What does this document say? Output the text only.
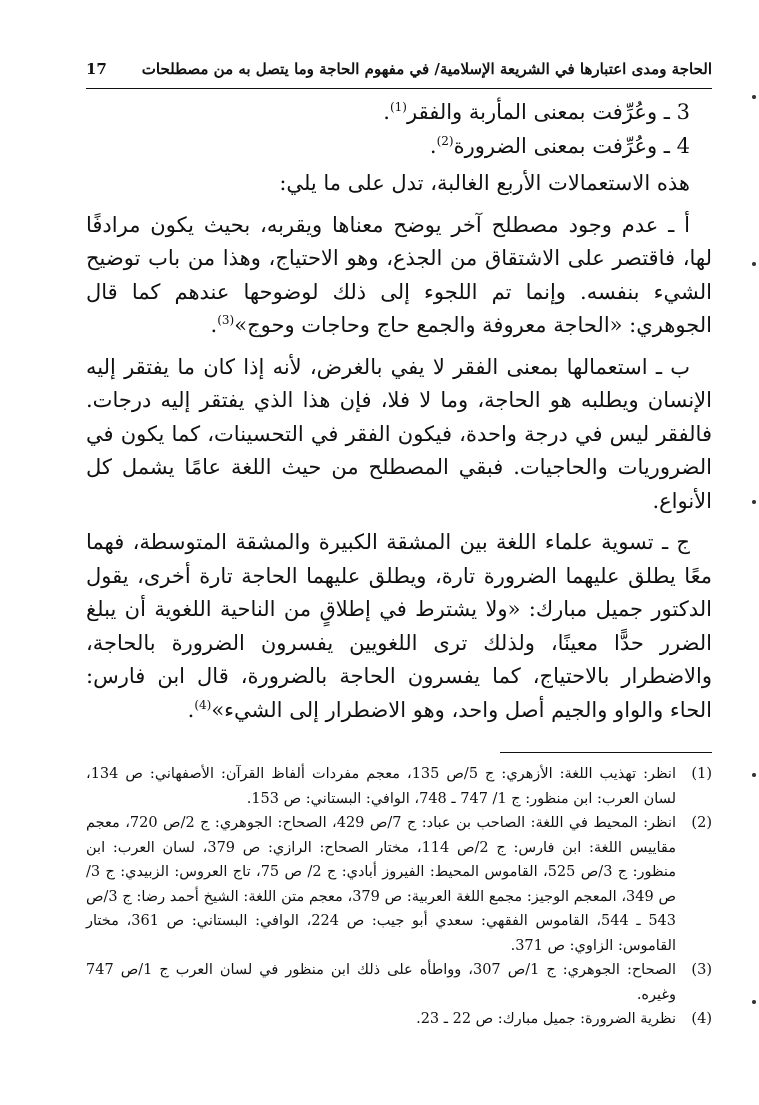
الحاجة ومدى اعتبارها في الشريعة الإسلامية/ في مفهوم الحاجة وما يتصل به من مصطلحات
17

3 ـ وعُرِّفت بمعنى المأربة والفقر$^{(1)}$.

4 ـ وعُرِّفت بمعنى الضرورة$^{(2)}$.

هذه الاستعمالات الأربع الغالبة، تدل على ما يلي:

أ ـ عدم وجود مصطلح آخر يوضح معناها ويقربه، بحيث يكون مرادفًا لها، فاقتصر على الاشتقاق من الجذع، وهو الاحتياج، وهذا من باب توضيح الشيء بنفسه. وإنما تم اللجوء إلى ذلك لوضوحها عندهم كما قال الجوهري: «الحاجة معروفة والجمع حاج وحاجات وحوج»$^{(3)}$.

ب ـ استعمالها بمعنى الفقر لا يفي بالغرض، لأنه إذا كان ما يفتقر إليه الإنسان ويطلبه هو الحاجة، وما لا فلا، فإن هذا الذي يفتقر إليه درجات. فالفقر ليس في درجة واحدة، فيكون الفقر في التحسينات، كما يكون في الضروريات والحاجيات. فبقي المصطلح من حيث اللغة عامًا يشمل كل الأنواع.

ج ـ تسوية علماء اللغة بين المشقة الكبيرة والمشقة المتوسطة، فهما معًا يطلق عليهما الضرورة تارة، ويطلق عليهما الحاجة تارة أخرى، يقول الدكتور جميل مبارك: «ولا يشترط في إطلاقٍ من الناحية اللغوية أن يبلغ الضرر حدًّا معينًا، ولذلك ترى اللغويين يفسرون الضرورة بالحاجة، والاضطرار بالاحتياج، كما يفسرون الحاجة بالضرورة، قال ابن فارس: الحاء والواو والجيم أصل واحد، وهو الاضطرار إلى الشيء»$^{(4)}$.

(1)
انظر: تهذيب اللغة: الأزهري: ج 5/ص 135، معجم مفردات ألفاظ القرآن: الأصفهاني: ص 134، لسان العرب: ابن منظور: ج 1/ 747 ـ 748، الوافي: البستاني: ص 153.

(2)
انظر: المحيط في اللغة: الصاحب بن عباد: ج 7/ص 429، الصحاح: الجوهري: ج 2/ص 720، معجم مقاييس اللغة: ابن فارس: ج 2/ص 114، مختار الصحاح: الرازي: ص 379، لسان العرب: ابن منظور: ج 3/ص 525، القاموس المحيط: الفيروز أبادي: ج 2/ ص 75، تاج العروس: الزبيدي: ج 3/ص 349، المعجم الوجيز: مجمع اللغة العربية: ص 379، معجم متن اللغة: الشيخ أحمد رضا: ج 3/ص 543 ـ 544، القاموس الفقهي: سعدي أبو جيب: ص 224، الوافي: البستاني: ص 361، مختار القاموس: الزاوي: ص 371.

(3)
الصحاح: الجوهري: ج 1/ص 307، وواطأه على ذلك ابن منظور في لسان العرب ج 1/ص 747 وغيره.

(4)
نظرية الضرورة: جميل مبارك: ص 22 ـ 23.
